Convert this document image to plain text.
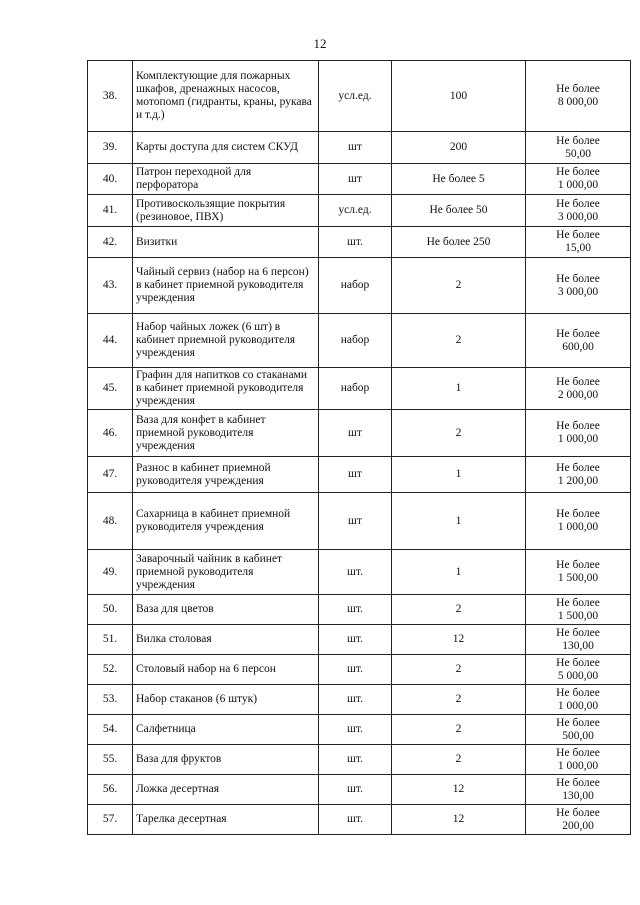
12
38.	Комплектующие для пожарных шкафов, дренажных насосов, мотопомп (гидранты, краны, рукава и т.д.)	усл.ед.	100	Не более
8 000,00

39.	Карты доступа для систем СКУД	шт	200	Не более
50,00

40.	Патрон переходной для перфоратора	шт	Не более 5	Не более
1 000,00

41.	Противоскользящие покрытия (резиновое, ПВХ)	усл.ед.	Не более 50	Не более
3 000,00

42.	Визитки	шт.	Не более 250	Не более
15,00

43.	Чайный сервиз (набор на 6 персон) в кабинет приемной руководителя учреждения	набор	2	Не более
3 000,00

44.	Набор чайных ложек (6 шт) в кабинет приемной руководителя учреждения	набор	2	Не более
600,00

45.	Графин для напитков со стаканами в кабинет приемной руководителя учреждения	набор	1	Не более
2 000,00

46.	Ваза для конфет в кабинет приемной руководителя учреждения	шт	2	Не более
1 000,00

47.	Разнос в кабинет приемной руководителя учреждения	шт	1	Не более
1 200,00

48.	Сахарница в кабинет приемной руководителя учреждения	шт	1	Не более
1 000,00

49.	Заварочный чайник в кабинет приемной руководителя учреждения	шт.	1	Не более
1 500,00

50.	Ваза для цветов	шт.	2	Не более
1 500,00

51.	Вилка столовая	шт.	12	Не более
130,00

52.	Столовый набор на 6 персон	шт.	2	Не более
5 000,00

53.	Набор стаканов (6 штук)	шт.	2	Не более
1 000,00

54.	Салфетница	шт.	2	Не более
500,00

55.	Ваза для фруктов	шт.	2	Не более
1 000,00

56.	Ложка десертная	шт.	12	Не более
130,00

57.	Тарелка десертная	шт.	12	Не более
200,00
